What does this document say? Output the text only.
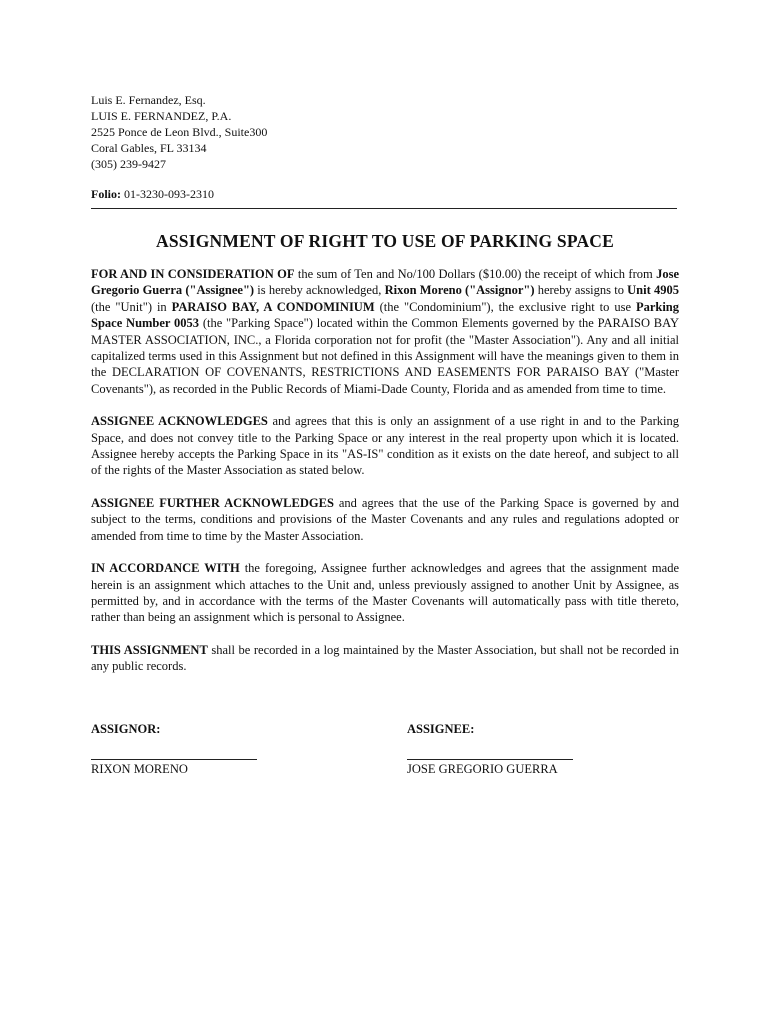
Luis E. Fernandez, Esq.
LUIS E. FERNANDEZ, P.A.
2525 Ponce de Leon Blvd., Suite300
Coral Gables, FL 33134
(305) 239-9427
Folio: 01-3230-093-2310
ASSIGNMENT OF RIGHT TO USE OF PARKING SPACE

FOR AND IN CONSIDERATION OF the sum of Ten and No/100 Dollars ($10.00) the receipt of which from Jose Gregorio Guerra ("Assignee") is hereby acknowledged, Rixon Moreno ("Assignor") hereby assigns to Unit 4905 (the "Unit") in PARAISO BAY, A CONDOMINIUM (the "Condominium"), the exclusive right to use Parking Space Number 0053 (the "Parking Space") located within the Common Elements governed by the PARAISO BAY MASTER ASSOCIATION, INC., a Florida corporation not for profit (the "Master Association"). Any and all initial capitalized terms used in this Assignment but not defined in this Assignment will have the meanings given to them in the DECLARATION OF COVENANTS, RESTRICTIONS AND EASEMENTS FOR PARAISO BAY ("Master Covenants"), as recorded in the Public Records of Miami-Dade County, Florida and as amended from time to time.

ASSIGNEE ACKNOWLEDGES and agrees that this is only an assignment of a use right in and to the Parking Space, and does not convey title to the Parking Space or any interest in the real property upon which it is located. Assignee hereby accepts the Parking Space in its "AS-IS" condition as it exists on the date hereof, and subject to all of the rights of the Master Association as stated below.

ASSIGNEE FURTHER ACKNOWLEDGES and agrees that the use of the Parking Space is governed by and subject to the terms, conditions and provisions of the Master Covenants and any rules and regulations adopted or amended from time to time by the Master Association.

IN ACCORDANCE WITH the foregoing, Assignee further acknowledges and agrees that the assignment made herein is an assignment which attaches to the Unit and, unless previously assigned to another Unit by Assignee, as permitted by, and in accordance with the terms of the Master Covenants will automatically pass with title thereto, rather than being an assignment which is personal to Assignee.

THIS ASSIGNMENT shall be recorded in a log maintained by the Master Association, but shall not be recorded in any public records.

ASSIGNOR:
RIXON MORENO
ASSIGNEE:
JOSE GREGORIO GUERRA
